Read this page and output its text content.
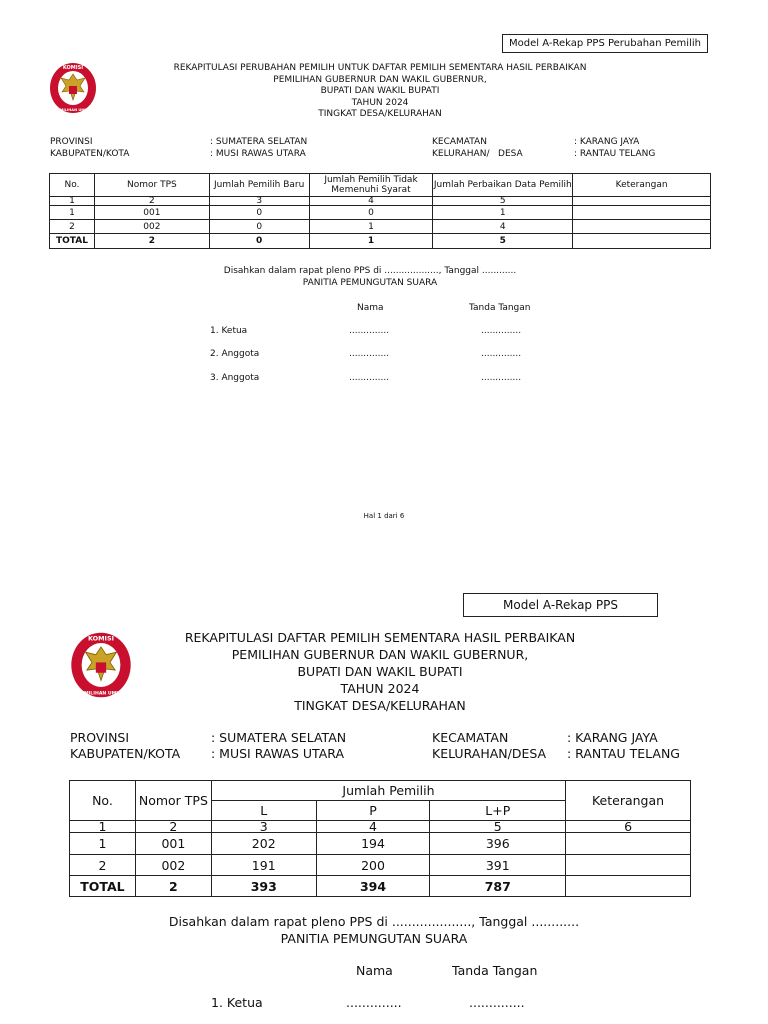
Model A-Rekap PPS Perubahan Pemilih
KOMISI
PEMILIHAN UMUM
REKAPITULASI PERUBAHAN PEMILIH UNTUK DAFTAR PEMILIH SEMENTARA HASIL PERBAIKAN
PEMILIHAN GUBERNUR DAN WAKIL GUBERNUR,
BUPATI DAN WAKIL BUPATI
TAHUN 2024
TINGKAT DESA/KELURAHAN
PROVINSI	: SUMATERA SELATAN	KECAMATAN	: KARANG JAYA
KABUPATEN/KOTA	: MUSI RAWAS UTARA	KELURAHAN/   DESA	: RANTAU TELANG
No.	Nomor TPS	Jumlah Pemilih Baru	Jumlah Pemilih Tidak Memenuhi Syarat	Jumlah Perbaikan Data Pemilih	Keterangan
1	2	3	4	5	
1	001	0	0	1	
2	002	0	1	4	
TOTAL	2	0	1	5	
Disahkan dalam rapat pleno PPS di ..................., Tanggal ............
PANITIA PEMUNGUTAN SUARA
Nama	Tanda Tangan
1. Ketua	..............	..............
2. Anggota	..............	..............
3. Anggota	..............	..............
Hal 1 dari 6
Model A-Rekap PPS
KOMISI
PEMILIHAN UMUM
REKAPITULASI DAFTAR PEMILIH SEMENTARA HASIL PERBAIKAN
PEMILIHAN GUBERNUR DAN WAKIL GUBERNUR,
BUPATI DAN WAKIL BUPATI
TAHUN 2024
TINGKAT DESA/KELURAHAN
PROVINSI	: SUMATERA SELATAN	KECAMATAN	: KARANG JAYA
KABUPATEN/KOTA : MUSI RAWAS UTARA	KELURAHAN/DESA : RANTAU TELANG
No.	Nomor TPS	Jumlah Pemilih			Keterangan
		L	P	L+P	
1	2	3	4	5	6
1	001	202	194	396	
2	002	191	200	391	
TOTAL	2	393	394	787	
Disahkan dalam rapat pleno PPS di ...................., Tanggal ............
PANITIA PEMUNGUTAN SUARA
Nama	Tanda Tangan
1. Ketua	..............	..............
